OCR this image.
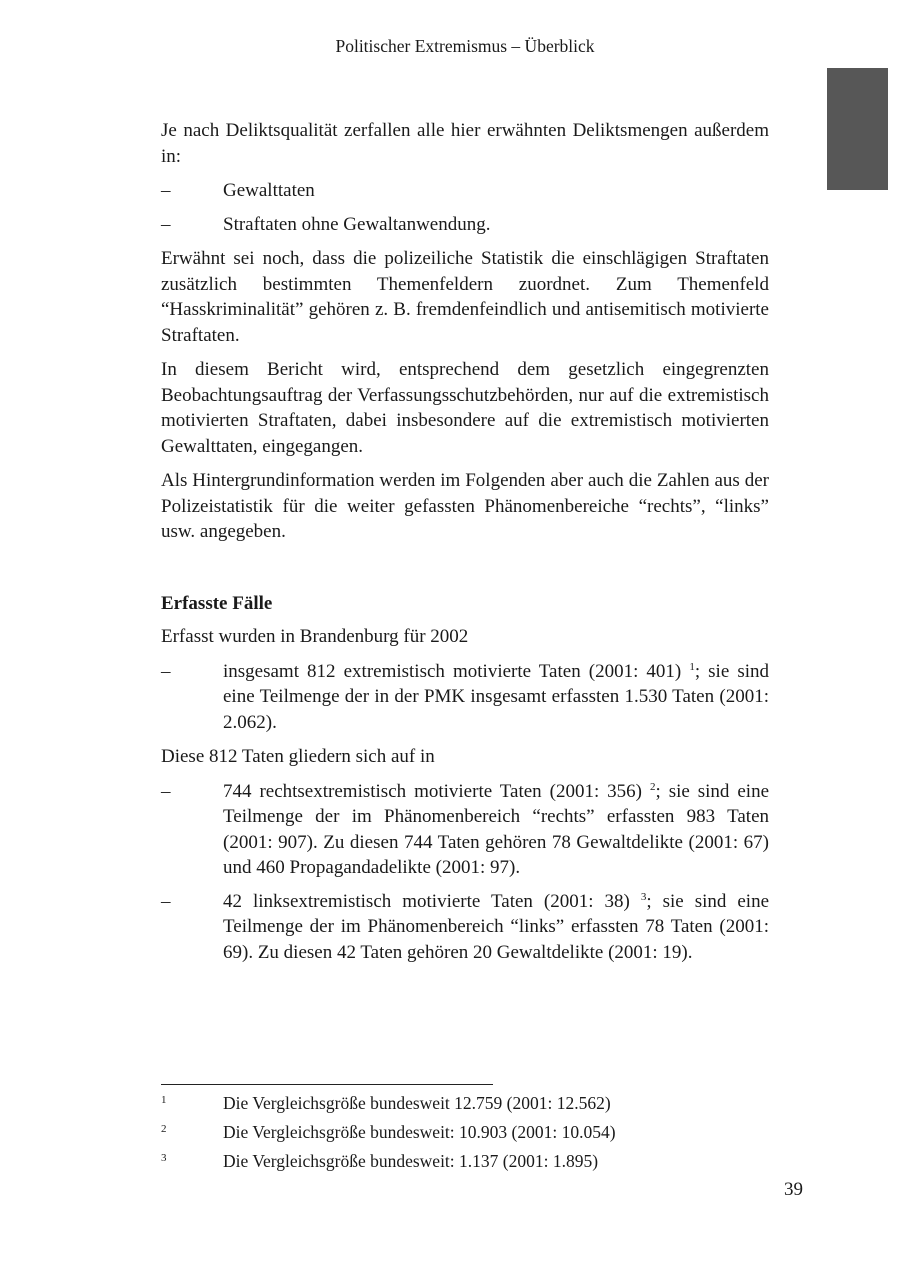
Politischer Extremismus – Überblick

Je nach Deliktsqualität zerfallen alle hier erwähnten Deliktsmengen außerdem in:

–	Gewalttaten
–	Straftaten ohne Gewaltanwendung.

Erwähnt sei noch, dass die polizeiliche Statistik die einschlägigen Straftaten zusätzlich bestimmten Themenfeldern zuordnet. Zum Themenfeld “Hasskriminalität” gehören z. B. fremdenfeindlich und antisemitisch motivierte Straftaten.

In diesem Bericht wird, entsprechend dem gesetzlich eingegrenzten Beobachtungsauftrag der Verfassungsschutzbehörden, nur auf die extremistisch motivierten Straftaten, dabei insbesondere auf die extremistisch motivierten Gewalttaten, eingegangen.

Als Hintergrundinformation werden im Folgenden aber auch die Zahlen aus der Polizeistatistik für die weiter gefassten Phänomenbereiche “rechts”, “links” usw. angegeben.

Erfasste Fälle

Erfasst wurden in Brandenburg für 2002

–	insgesamt 812 extremistisch motivierte Taten (2001: 401) $^1$; sie sind eine Teilmenge der in der PMK insgesamt erfassten 1.530 Taten (2001: 2.062).

Diese 812 Taten gliedern sich auf in

–	744 rechtsextremistisch motivierte Taten (2001: 356) $^2$; sie sind eine Teilmenge der im Phänomenbereich “rechts” erfassten 983 Taten (2001: 907). Zu diesen 744 Taten gehören 78 Gewaltdelikte (2001: 67) und 460 Propagandadelikte (2001: 97).
–	42 linksextremistisch motivierte Taten (2001: 38) $^3$; sie sind eine Teilmenge der im Phänomenbereich “links” erfassten 78 Taten (2001: 69). Zu diesen 42 Taten gehören 20 Gewaltdelikte (2001: 19).
1	Die Vergleichsgröße bundesweit 12.759 (2001: 12.562)
2	Die Vergleichsgröße bundesweit: 10.903 (2001: 10.054)
3	Die Vergleichsgröße bundesweit: 1.137 (2001: 1.895)
39
